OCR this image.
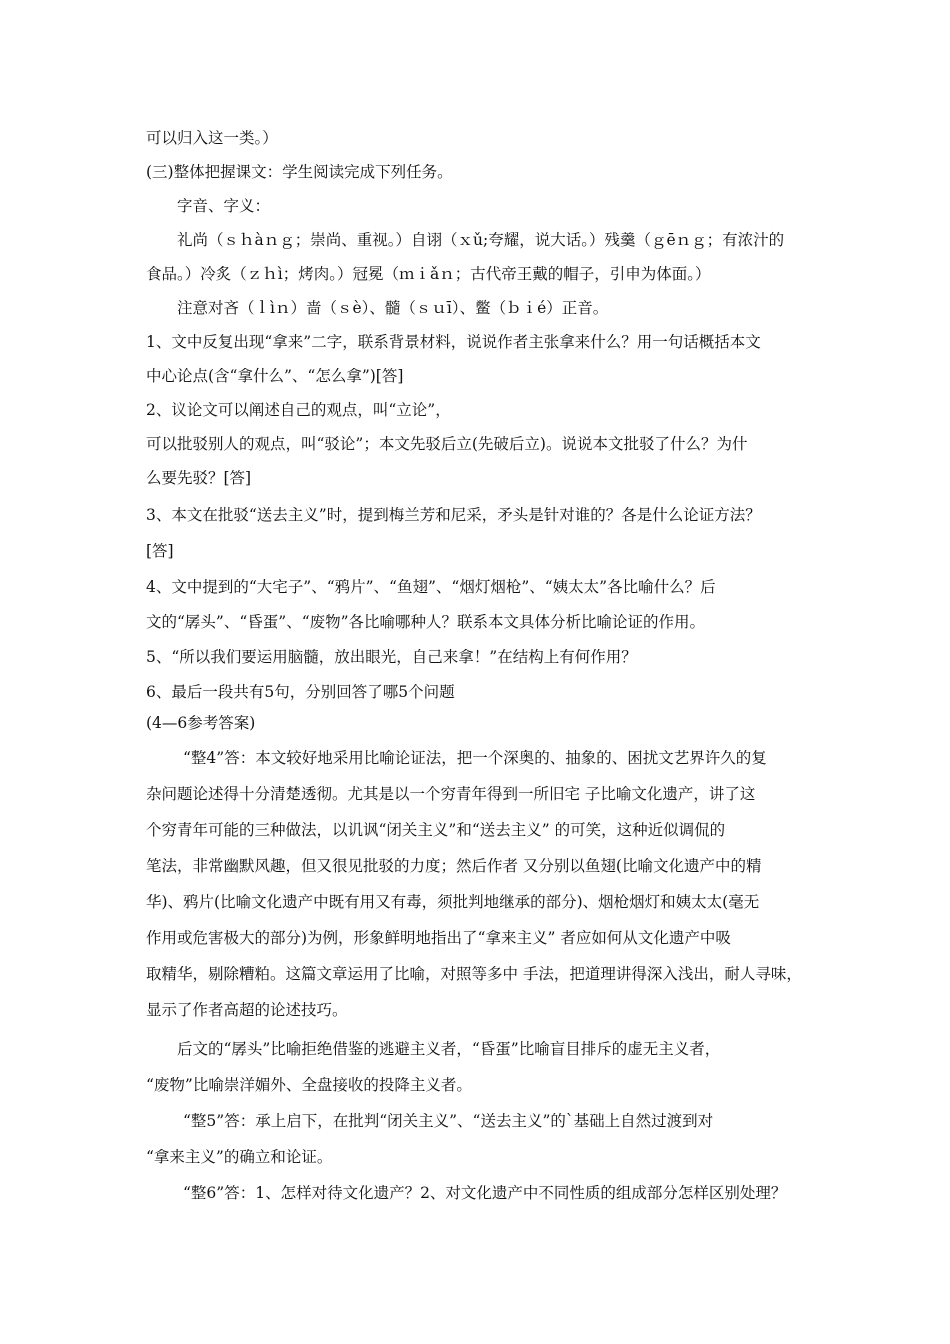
可以归入这一类。）
(三)整体把握课文：学生阅读完成下列任务。
字音、字义：
礼尚（ｓｈàｎｇ；崇尚、重视。）自诩（ｘǔ;夸耀，说大话。）残羹（ｇēｎｇ；有浓汁的
食品。）冷炙（ｚｈì；烤肉。）冠冕（ｍｉǎｎ；古代帝王戴的帽子，引申为体面。）
注意对吝（ｌìｎ）啬（ｓè）、髓（ｓｕī）、鳖（ｂｉé）正音。
1、文中反复出现“拿来”二字，联系背景材料，说说作者主张拿来什么？用一句话概括本文
中心论点(含“拿什么”、“怎么拿”)[答]
2、议论文可以阐述自己的观点，叫“立论”，
可以批驳别人的观点，叫“驳论”；本文先驳后立(先破后立)。说说本文批驳了什么？为什
么要先驳？[答]
3、本文在批驳“送去主义”时，提到梅兰芳和尼采，矛头是针对谁的？各是什么论证方法？
[答]
4、文中提到的“大宅子”、“鸦片”、“鱼翅”、“烟灯烟枪”、“姨太太”各比喻什么？后
文的“孱头”、“昏蛋”、“废物”各比喻哪种人？联系本文具体分析比喻论证的作用。
5、“所以我们要运用脑髓，放出眼光，自己来拿！”在结构上有何作用？
6、最后一段共有5句，分别回答了哪5个问题
(4—6参考答案)
“整4”答：本文较好地采用比喻论证法，把一个深奥的、抽象的、困扰文艺界许久的复
杂问题论述得十分清楚透彻。尤其是以一个穷青年得到一所旧宅 子比喻文化遗产，讲了这
个穷青年可能的三种做法，以讥讽“闭关主义”和“送去主义” 的可笑，这种近似调侃的
笔法，非常幽默风趣，但又很见批驳的力度；然后作者 又分别以鱼翅(比喻文化遗产中的精
华)、鸦片(比喻文化遗产中既有用又有毒，须批判地继承的部分)、烟枪烟灯和姨太太(毫无
作用或危害极大的部分)为例，形象鲜明地指出了“拿来主义” 者应如何从文化遗产中吸
取精华，剔除糟粕。这篇文章运用了比喻，对照等多中 手法，把道理讲得深入浅出，耐人寻味，
显示了作者高超的论述技巧。
后文的“孱头”比喻拒绝借鉴的逃避主义者，“昏蛋”比喻盲目排斥的虚无主义者，
“废物”比喻崇洋媚外、全盘接收的投降主义者。
“整5”答：承上启下，在批判“闭关主义”、“送去主义”的`基础上自然过渡到对
“拿来主义”的确立和论证。
“整6”答：1、怎样对待文化遗产？2、对文化遗产中不同性质的组成部分怎样区别处理？
